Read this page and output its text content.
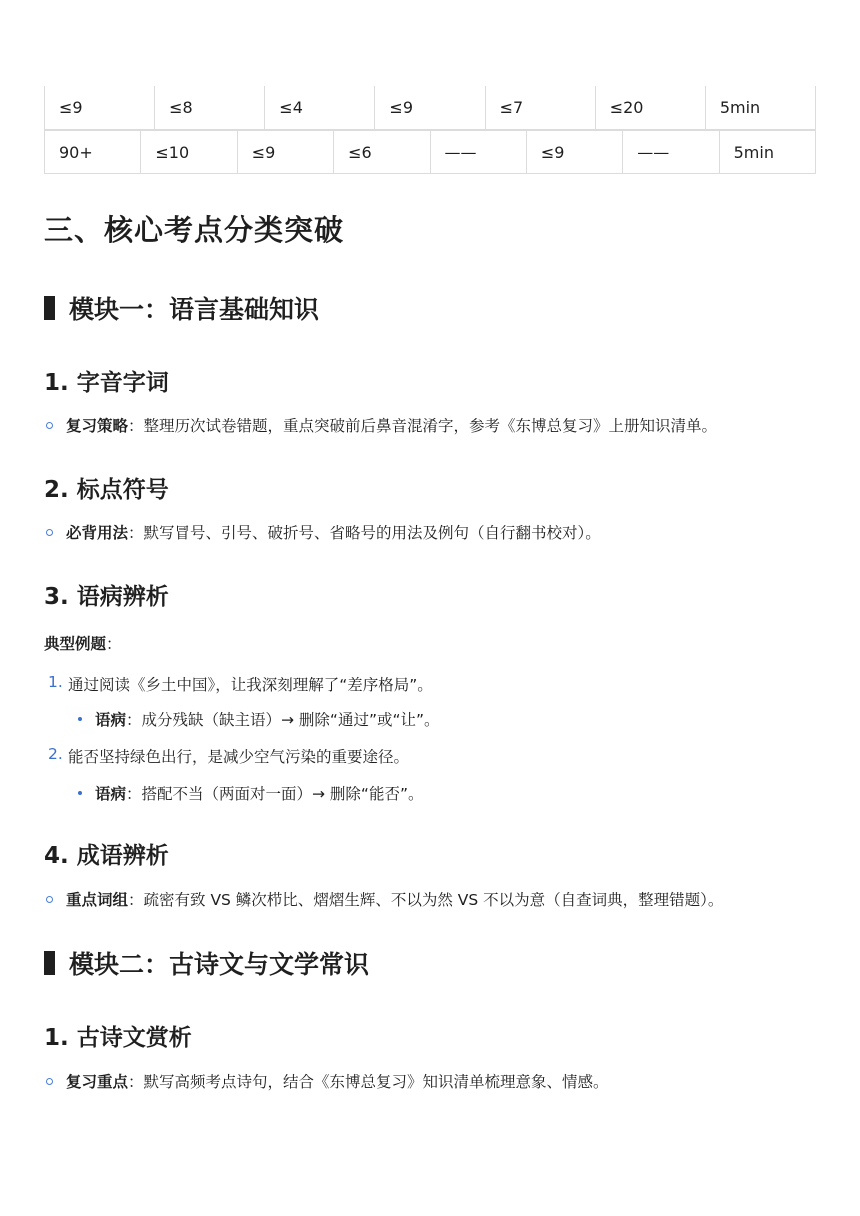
≤9	≤8	≤4	≤9	≤7	≤20	5min
90+	≤10	≤9	≤6	——	≤9	——	5min
三、核心考点分类突破
模块一：语言基础知识
1. 字音字词
复习策略 ：整理历次试卷错题，重点突破前后鼻音混淆字，参考《东博总复习》上册知识清单。
2. 标点符号
必背用法 ：默写冒号、引号、破折号、省略号的用法及例句（自行翻书校对）。
3. 语病辨析
典型例题：
1. 通过阅读《乡土中国》，让我深刻理解了“差序格局”。
语病 ：成分残缺（缺主语）→ 删除“通过”或“让”。
2. 能否坚持绿色出行，是减少空气污染的重要途径。
语病 ：搭配不当（两面对一面）→ 删除“能否”。
4. 成语辨析
重点词组 ：疏密有致 VS 鳞次栉比、熠熠生辉、不以为然 VS 不以为意（自查词典，整理错题）。
模块二：古诗文与文学常识
1. 古诗文赏析
复习重点 ：默写高频考点诗句，结合《东博总复习》知识清单梳理意象、情感。
